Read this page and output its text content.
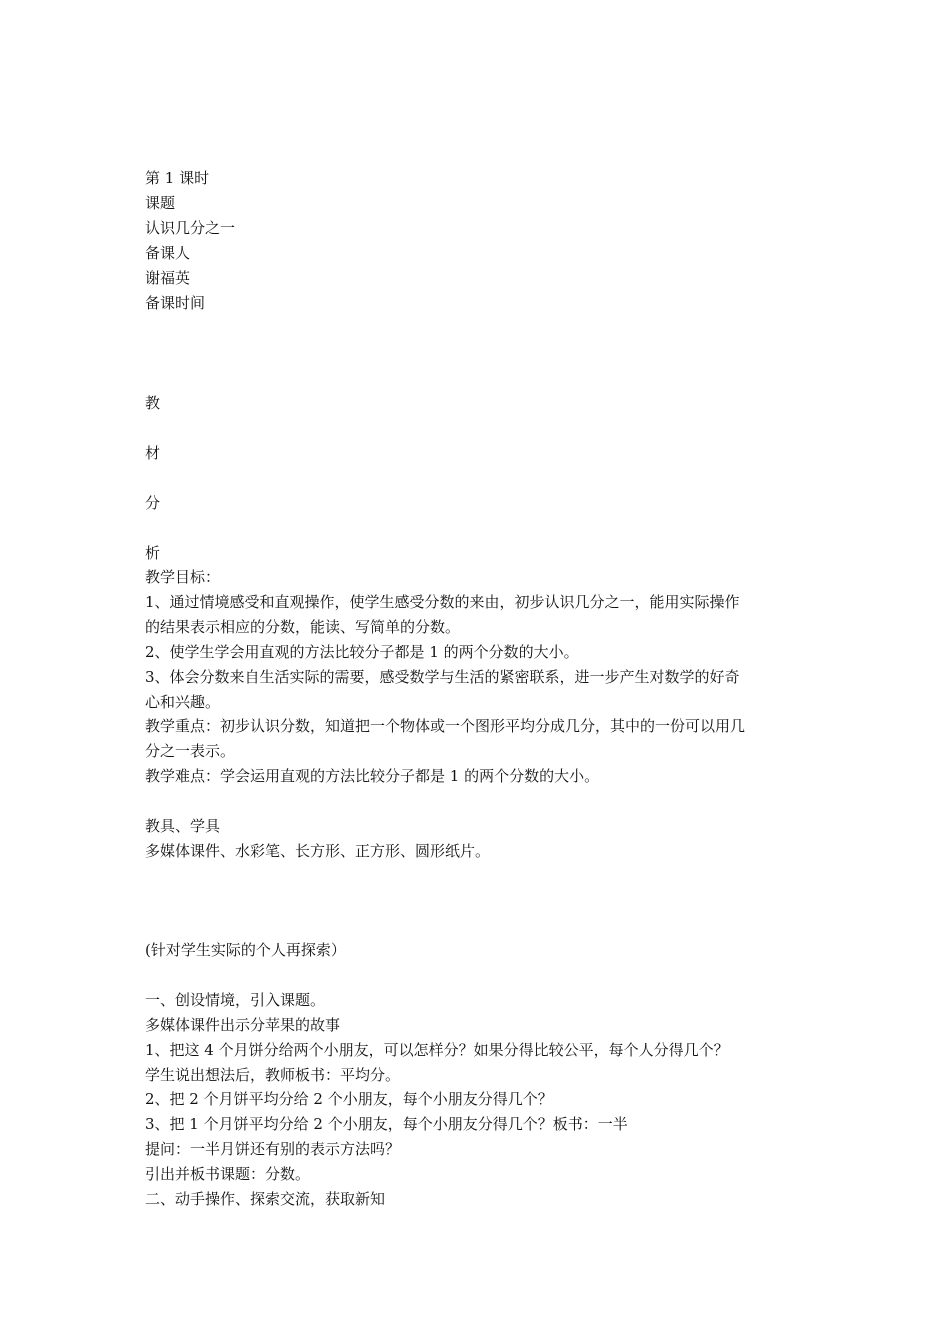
第 1 课时
课题
认识几分之一
备课人
谢福英
备课时间
教
材
分
析
教学目标：
1、通过情境感受和直观操作，使学生感受分数的来由，初步认识几分之一，能用实际操作
的结果表示相应的分数，能读、写简单的分数。
2、使学生学会用直观的方法比较分子都是 1 的两个分数的大小。
3、体会分数来自生活实际的需要，感受数学与生活的紧密联系，进一步产生对数学的好奇
心和兴趣。
教学重点：初步认识分数，知道把一个物体或一个图形平均分成几分，其中的一份可以用几
分之一表示。
教学难点：学会运用直观的方法比较分子都是 1 的两个分数的大小。
教具、学具
多媒体课件、水彩笔、长方形、正方形、圆形纸片。
(针对学生实际的个人再探索）
一、创设情境，引入课题。
多媒体课件出示分苹果的故事
1、把这 4 个月饼分给两个小朋友，可以怎样分？如果分得比较公平，每个人分得几个？
学生说出想法后，教师板书：平均分。
2、把 2 个月饼平均分给 2 个小朋友，每个小朋友分得几个？
3、把 1 个月饼平均分给 2 个小朋友，每个小朋友分得几个？板书：一半
提问：一半月饼还有别的表示方法吗？
引出并板书课题：分数。
二、动手操作、探索交流，获取新知
